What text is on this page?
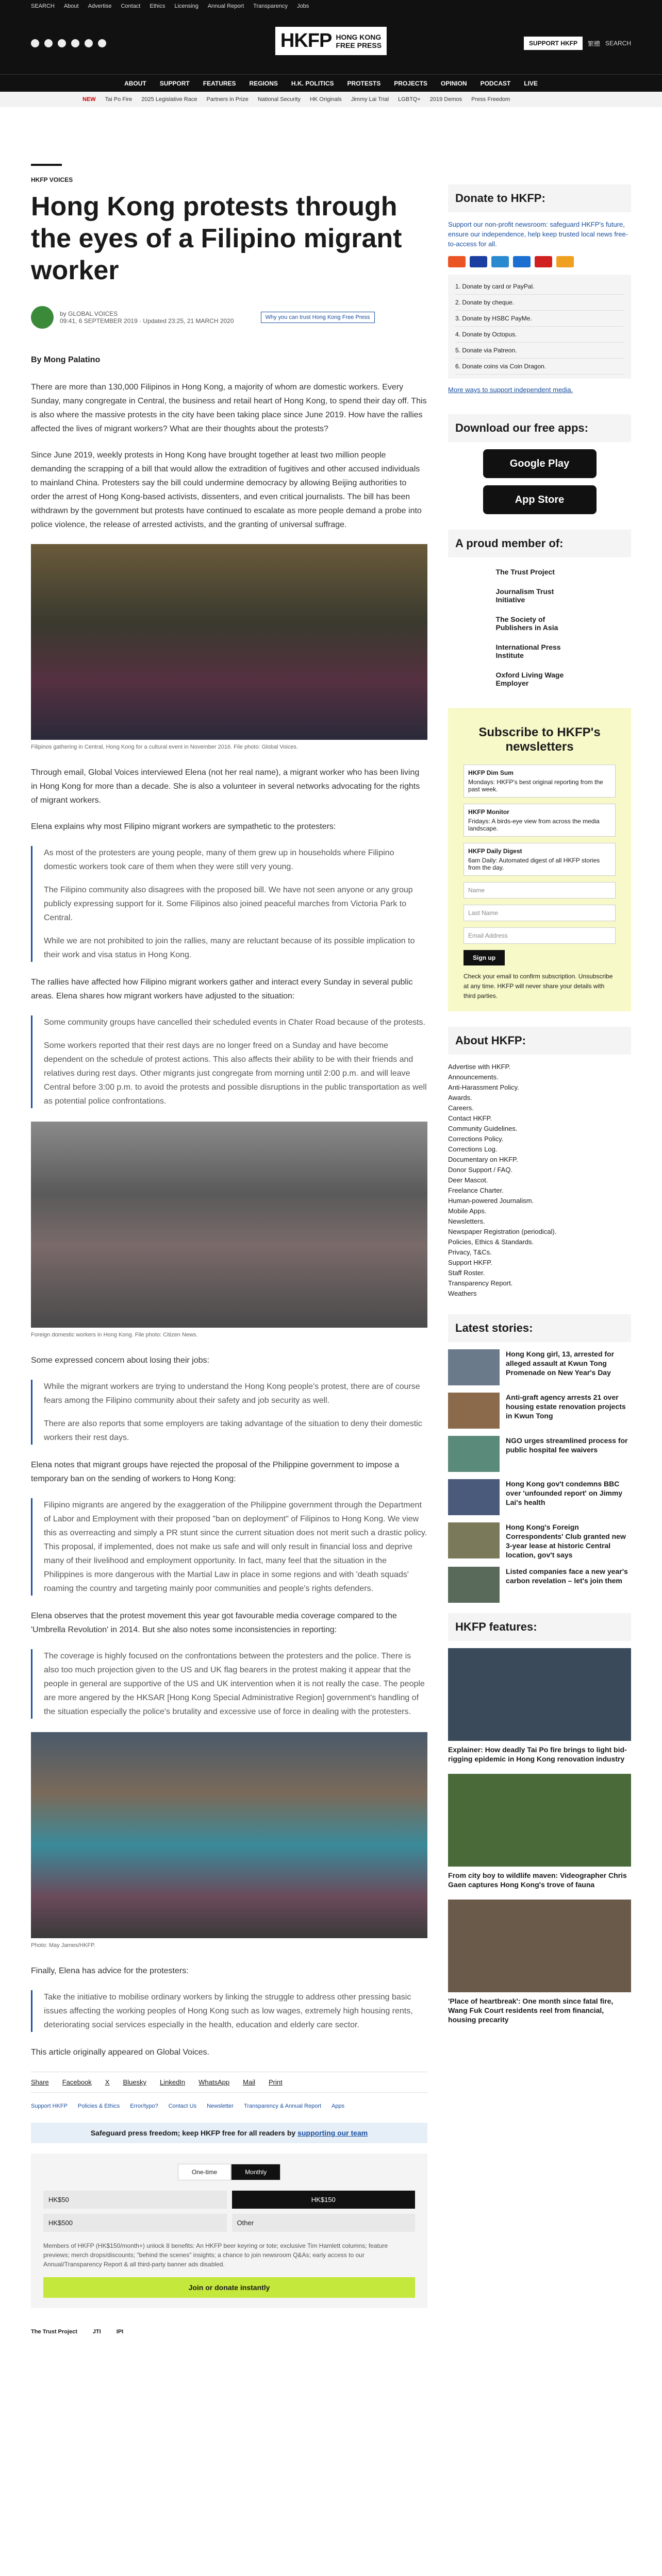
SEARCH About Advertise Contact Ethics Licensing Annual Report Transparency Jobs
HKFP HONG KONG
FREE PRESS	SUPPORT HKFP	繁體 SEARCH
ABOUT SUPPORT FEATURES REGIONS H.K. POLITICS PROTESTS PROJECTS OPINION PODCAST LIVE
NEW Tai Po Fire 2025 Legislative Race Partners in Prize National Security HK Originals Jimmy Lai Trial LGBTQ+ 2019 Demos Press Freedom
HKFP VOICES
Hong Kong protests through the eyes of a Filipino migrant worker
by GLOBAL VOICES
09:41, 6 SEPTEMBER 2019 · Updated 23:25, 21 MARCH 2020	Why you can trust Hong Kong Free Press
By Mong Palatino

There are more than 130,000 Filipinos in Hong Kong, a majority of whom are domestic workers. Every Sunday, many congregate in Central, the business and retail heart of Hong Kong, to spend their day off. This is also where the massive protests in the city have been taking place since June 2019. How have the rallies affected the lives of migrant workers? What are their thoughts about the protests?

Since June 2019, weekly protests in Hong Kong have brought together at least two million people demanding the scrapping of a bill that would allow the extradition of fugitives and other accused individuals to mainland China. Protesters say the bill could undermine democracy by allowing Beijing authorities to order the arrest of Hong Kong-based activists, dissenters, and even critical journalists. The bill has been withdrawn by the government but protests have continued to escalate as more people demand a probe into police violence, the release of arrested activists, and the granting of universal suffrage.

Filipinos gathering in Central, Hong Kong for a cultural event in November 2016. File photo: Global Voices.

Through email, Global Voices interviewed Elena (not her real name), a migrant worker who has been living in Hong Kong for more than a decade. She is also a volunteer in several networks advocating for the rights of migrant workers.

Elena explains why most Filipino migrant workers are sympathetic to the protesters:

As most of the protesters are young people, many of them grew up in households where Filipino domestic workers took care of them when they were still very young.

The Filipino community also disagrees with the proposed bill. We have not seen anyone or any group publicly expressing support for it. Some Filipinos also joined peaceful marches from Victoria Park to Central.

While we are not prohibited to join the rallies, many are reluctant because of its possible implication to their work and visa status in Hong Kong.

The rallies have affected how Filipino migrant workers gather and interact every Sunday in several public areas. Elena shares how migrant workers have adjusted to the situation:

Some community groups have cancelled their scheduled events in Chater Road because of the protests.

Some workers reported that their rest days are no longer freed on a Sunday and have become dependent on the schedule of protest actions. This also affects their ability to be with their friends and relatives during rest days. Other migrants just congregate from morning until 2:00 p.m. and will leave Central before 3:00 p.m. to avoid the protests and possible disruptions in the public transportation as well as potential police confrontations.

Foreign domestic workers in Hong Kong. File photo: Citizen News.

Some expressed concern about losing their jobs:

While the migrant workers are trying to understand the Hong Kong people's protest, there are of course fears among the Filipino community about their safety and job security as well.

There are also reports that some employers are taking advantage of the situation to deny their domestic workers their rest days.

Elena notes that migrant groups have rejected the proposal of the Philippine government to impose a temporary ban on the sending of workers to Hong Kong:

Filipino migrants are angered by the exaggeration of the Philippine government through the Department of Labor and Employment with their proposed "ban on deployment" of Filipinos to Hong Kong. We view this as overreacting and simply a PR stunt since the current situation does not merit such a drastic policy. This proposal, if implemented, does not make us safe and will only result in financial loss and deprive many of their livelihood and employment opportunity. In fact, many feel that the situation in the Philippines is more dangerous with the Martial Law in place in some regions and with 'death squads' roaming the country and targeting mainly poor communities and people's rights defenders.

Elena observes that the protest movement this year got favourable media coverage compared to the 'Umbrella Revolution' in 2014. But she also notes some inconsistencies in reporting:

The coverage is highly focused on the confrontations between the protesters and the police. There is also too much projection given to the US and UK flag bearers in the protest making it appear that the people in general are supportive of the US and UK intervention when it is not really the case. The people are more angered by the HKSAR [Hong Kong Special Administrative Region] government's handling of the situation especially the police's brutality and excessive use of force in dealing with the protesters.

Photo: May James/HKFP.

Finally, Elena has advice for the protesters:

Take the initiative to mobilise ordinary workers by linking the struggle to address other pressing basic issues affecting the working peoples of Hong Kong such as low wages, extremely high housing rents, deteriorating social services especially in the health, education and elderly care sector.

This article originally appeared on Global Voices.

Share Facebook X Bluesky LinkedIn WhatsApp Mail Print
Support HKFP Policies & Ethics Error/typo? Contact Us Newsletter Transparency & Annual Report Apps
Safeguard press freedom; keep HKFP free for all readers by supporting our team
One-time	Monthly
HK$50	HK$150
HK$500	Other
Members of HKFP (HK$150/month+) unlock 8 benefits: An HKFP beer keyring or tote; exclusive Tim Hamlett columns; feature previews; merch drops/discounts; "behind the scenes" insights; a chance to join newsroom Q&As; early access to our Annual/Transparency Report & all third-party banner ads disabled.
Join or donate instantly
The Trust Project	JTI	IPI
Donate to HKFP:

Support our non-profit newsroom: safeguard HKFP's future, ensure our independence, help keep trusted local news free-to-access for all.

1. Donate by card or PayPal.
2. Donate by cheque.
3. Donate by HSBC PayMe.
4. Donate by Octopus.
5. Donate via Patreon.
6. Donate coins via Coin Dragon.
More ways to support independent media.
Download our free apps:
Google Play
App Store
A proud member of:
The Trust Project
Journalism Trust Initiative
The Society of Publishers in Asia
International Press Institute
Oxford Living Wage Employer
Subscribe to HKFP's newsletters
HKFP Dim Sum
Mondays: HKFP's best original reporting from the past week.
HKFP Monitor
Fridays: A birds-eye view from across the media landscape.
HKFP Daily Digest
6am Daily: Automated digest of all HKFP stories from the day.
Name
Last Name
Email Address
Sign up

Check your email to confirm subscription. Unsubscribe at any time. HKFP will never share your details with third parties.

About HKFP:
Advertise with HKFP.
Announcements.
Anti-Harassment Policy.
Awards.
Careers.
Contact HKFP.
Community Guidelines.
Corrections Policy.
Corrections Log.
Documentary on HKFP.
Donor Support / FAQ.
Deer Mascot.
Freelance Charter.
Human-powered Journalism.
Mobile Apps.
Newsletters.
Newspaper Registration (periodical).
Policies, Ethics & Standards.
Privacy, T&Cs.
Support HKFP.
Staff Roster.
Transparency Report.
Weathers
Latest stories:
Hong Kong girl, 13, arrested for alleged assault at Kwun Tong Promenade on New Year's Day
Anti-graft agency arrests 21 over housing estate renovation projects in Kwun Tong
NGO urges streamlined process for public hospital fee waivers
Hong Kong gov't condemns BBC over 'unfounded report' on Jimmy Lai's health
Hong Kong's Foreign Correspondents' Club granted new 3-year lease at historic Central location, gov't says
Listed companies face a new year's carbon revelation – let's join them
HKFP features:
Explainer: How deadly Tai Po fire brings to light bid-rigging epidemic in Hong Kong renovation industry
From city boy to wildlife maven: Videographer Chris Gaen captures Hong Kong's trove of fauna
'Place of heartbreak': One month since fatal fire, Wang Fuk Court residents reel from financial, housing precarity
